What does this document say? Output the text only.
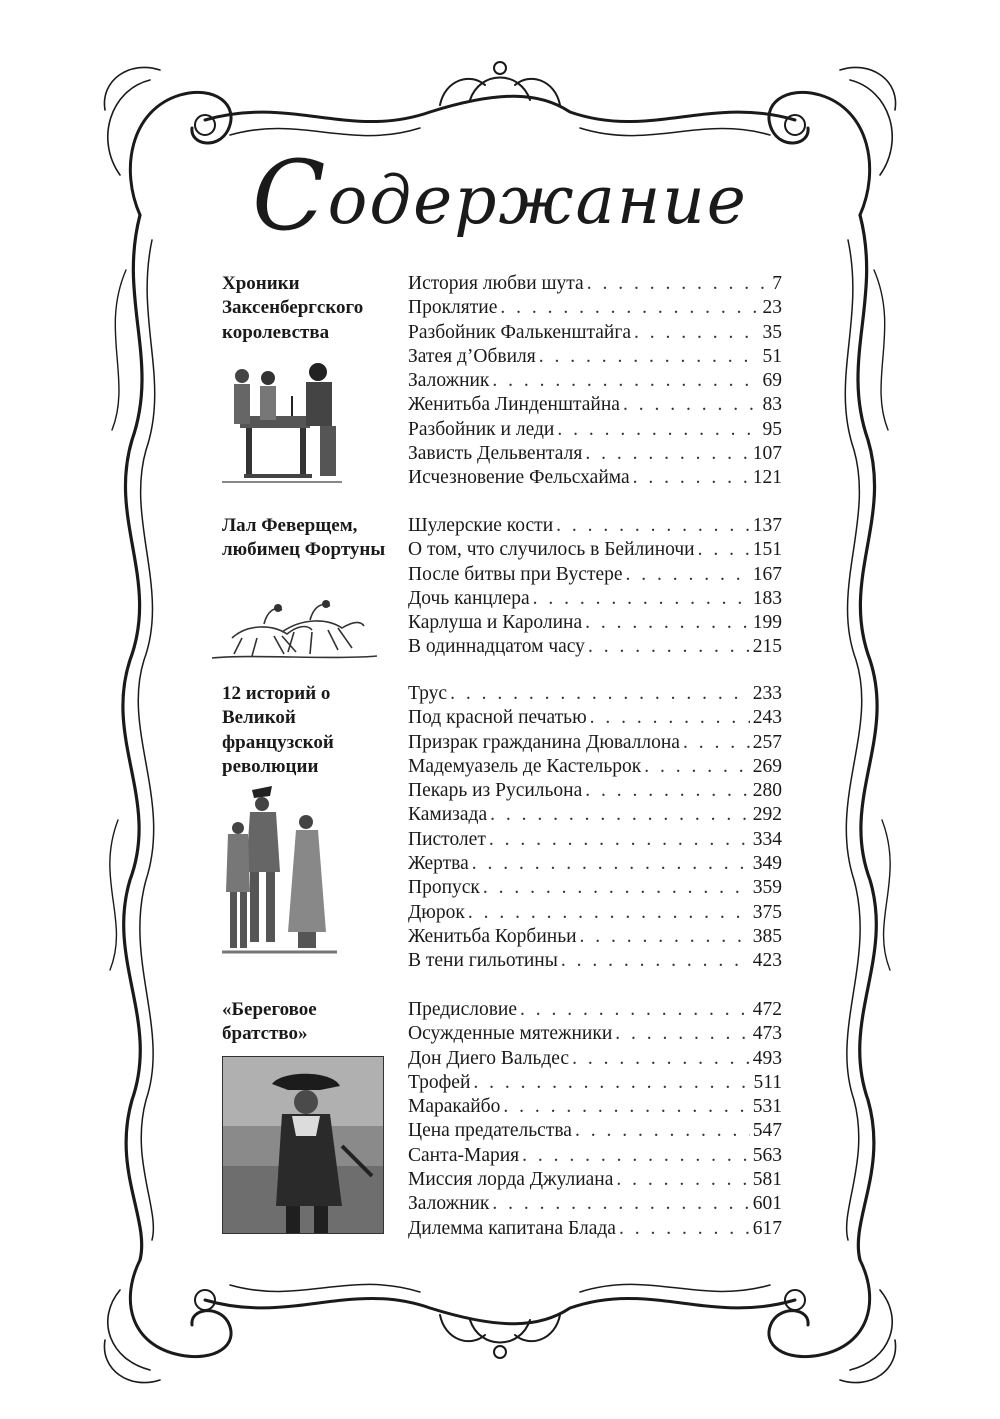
Содержание
Хроники Заксенбергского королевства
История любви шута . . .	7
Проклятие . . .	23
Разбойник Фалькенштайга . . .	35
Затея д’Обвиля . . .	51
Заложник . . .	69
Женитьба Линденштайна . . .	83
Разбойник и леди . . .	95
Зависть Дельвенталя . . .	107
Исчезновение Фельсхайма . . .	121
Лал Феверщем, любимец Фортуны
Шулерские кости . . .	137
О том, что случилось в Бейлиночи . . .	151
После битвы при Вустере . . .	167
Дочь канцлера . . .	183
Карлуша и Каролина . . .	199
В одиннадцатом часу . . .	215
12 историй о Великой французской революции
Трус . . .	233
Под красной печатью . . .	243
Призрак гражданина Дюваллона . . .	257
Мадемуазель де Кастельрок . . .	269
Пекарь из Русильона . . .	280
Камизада . . .	292
Пистолет . . .	334
Жертва . . .	349
Пропуск . . .	359
Дюрок . . .	375
Женитьба Корбиньи . . .	385
В тени гильотины . . .	423
«Береговое братство»
Предисловие . . .	472
Осужденные мятежники . . .	473
Дон Диего Вальдес . . .	493
Трофей . . .	511
Маракайбо . . .	531
Цена предательства . . .	547
Санта-Мария . . .	563
Миссия лорда Джулиана . . .	581
Заложник . . .	601
Дилемма капитана Блада . . .	617
